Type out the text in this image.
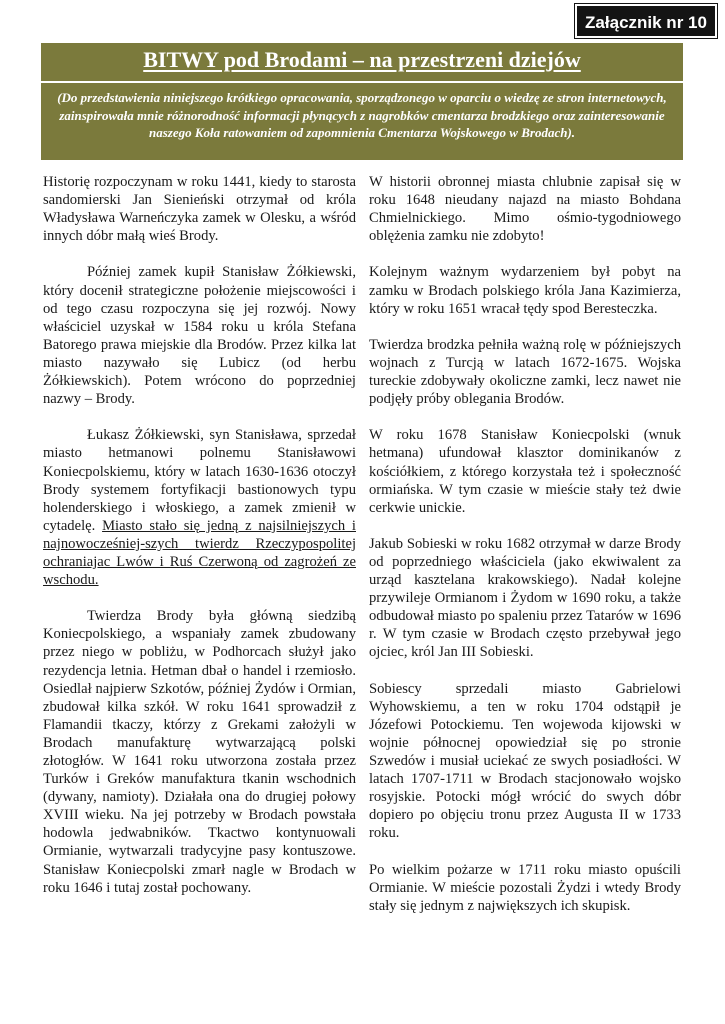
Załącznik nr 10
BITWY pod Brodami – na przestrzeni dziejów
(Do przedstawienia niniejszego krótkiego opracowania, sporządzonego w oparciu o wiedzę ze stron internetowych, zainspirowała mnie różnorodność informacji płynących z nagrobków cmentarza brodzkiego oraz zainteresowanie naszego Koła ratowaniem od zapomnienia Cmentarza Wojskowego w Brodach).

Historię rozpoczynam w roku 1441, kiedy to starosta sandomierski Jan Sienieński otrzymał od króla Władysława Warneńczyka zamek w Olesku, a wśród innych dóbr małą wieś Brody.

Później zamek kupił Stanisław Żółkiewski, który docenił strategiczne położenie miejscowości i od tego czasu rozpoczyna się jej rozwój. Nowy właściciel uzyskał w 1584 roku u króla Stefana Batorego prawa miejskie dla Brodów. Przez kilka lat miasto nazywało się Lubicz (od herbu Żółkiewskich). Potem wrócono do poprzedniej nazwy – Brody.

Łukasz Żółkiewski, syn Stanisława, sprzedał miasto hetmanowi polnemu Stanisławowi Koniecpolskiemu, który w latach 1630-1636 otoczył Brody systemem fortyfikacji bastionowych typu holenderskiego i włoskiego, a zamek zmienił w cytadelę. Miasto stało się jedną z najsilniejszych i najnowocześniej-szych twierdz Rzeczypospolitej ochraniajac Lwów i Ruś Czerwoną od zagrożeń ze wschodu.

Twierdza Brody była główną siedzibą Koniecpolskiego, a wspaniały zamek zbudowany przez niego w pobliżu, w Podhorcach służył jako rezydencja letnia. Hetman dbał o handel i rzemiosło. Osiedlał najpierw Szkotów, później Żydów i Ormian, zbudował kilka szkół. W roku 1641 sprowadził z Flamandii tkaczy, którzy z Grekami założyli w Brodach manufakturę wytwarzającą polski złotogłów. W 1641 roku utworzona została przez Turków i Greków manufaktura tkanin wschodnich (dywany, namioty). Działała ona do drugiej połowy XVIII wieku. Na jej potrzeby w Brodach powstała hodowla jedwabników. Tkactwo kontynuowali Ormianie, wytwarzali tradycyjne pasy kontuszowe. Stanisław Koniecpolski zmarł nagle w Brodach w roku 1646 i tutaj został pochowany.

W historii obronnej miasta chlubnie zapisał się w roku 1648 nieudany najazd na miasto Bohdana Chmielnickiego. Mimo ośmio-tygodniowego oblężenia zamku nie zdobyto!

Kolejnym ważnym wydarzeniem był pobyt na zamku w Brodach polskiego króla Jana Kazimierza, który w roku 1651 wracał tędy spod Beresteczka.

Twierdza brodzka pełniła ważną rolę w późniejszych wojnach z Turcją w latach 1672-1675. Wojska tureckie zdobywały okoliczne zamki, lecz nawet nie podjęły próby oblegania Brodów.

W roku 1678 Stanisław Koniecpolski (wnuk hetmana) ufundował klasztor dominikanów z kościółkiem, z którego korzystała też i społeczność ormiańska. W tym czasie w mieście stały też dwie cerkwie unickie.

Jakub Sobieski w roku 1682 otrzymał w darze Brody od poprzedniego właściciela (jako ekwiwalent za urząd kasztelana krakowskiego). Nadał kolejne przywileje Ormianom i Żydom w 1690 roku, a także odbudował miasto po spaleniu przez Tatarów w 1696 r. W tym czasie w Brodach często przebywał jego ojciec, król Jan III Sobieski.

Sobiescy sprzedali miasto Gabrielowi Wyhowskiemu, a ten w roku 1704 odstąpił je Józefowi Potockiemu. Ten wojewoda kijowski w wojnie północnej opowiedział się po stronie Szwedów i musiał uciekać ze swych posiadłości. W latach 1707-1711 w Brodach stacjonowało wojsko rosyjskie. Potocki mógł wrócić do swych dóbr dopiero po objęciu tronu przez Augusta II w 1733 roku.

Po wielkim pożarze w 1711 roku miasto opuścili Ormianie. W mieście pozostali Żydzi i wtedy Brody stały się jednym z największych ich skupisk.
